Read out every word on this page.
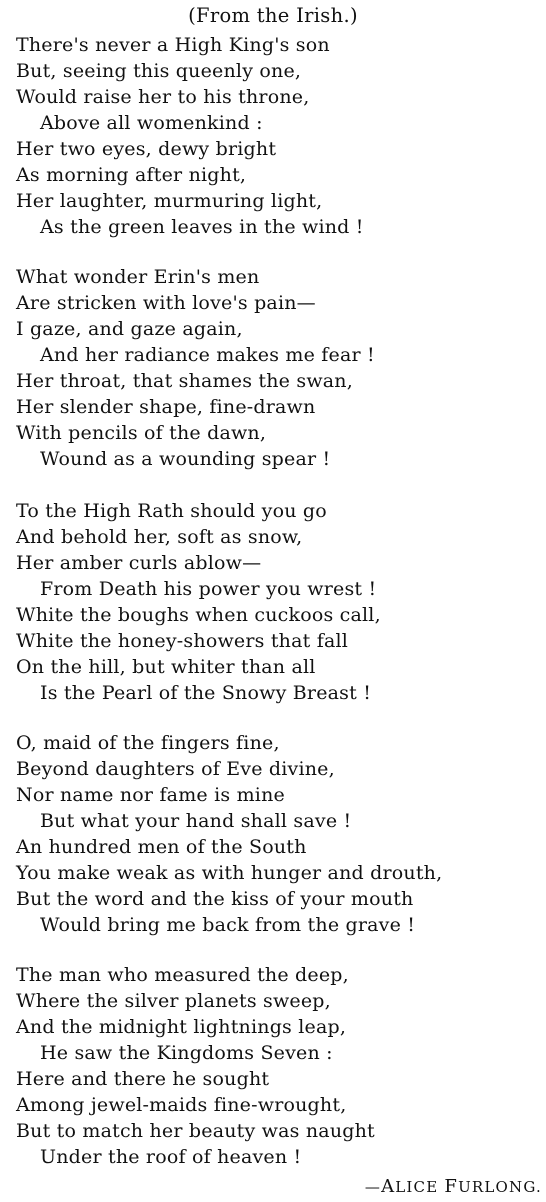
(From the Irish.)
There's never a High King's son
But, seeing this queenly one,
Would raise her to his throne,
Above all womenkind :
Her two eyes, dewy bright
As morning after night,
Her laughter, murmuring light,
As the green leaves in the wind !
What wonder Erin's men
Are stricken with love's pain—
I gaze, and gaze again,
And her radiance makes me fear !
Her throat, that shames the swan,
Her slender shape, fine-drawn
With pencils of the dawn,
Wound as a wounding spear !
To the High Rath should you go
And behold her, soft as snow,
Her amber curls ablow—
From Death his power you wrest !
White the boughs when cuckoos call,
White the honey-showers that fall
On the hill, but whiter than all
Is the Pearl of the Snowy Breast !
O, maid of the fingers fine,
Beyond daughters of Eve divine,
Nor name nor fame is mine
But what your hand shall save !
An hundred men of the South
You make weak as with hunger and drouth,
But the word and the kiss of your mouth
Would bring me back from the grave !
The man who measured the deep,
Where the silver planets sweep,
And the midnight lightnings leap,
He saw the Kingdoms Seven :
Here and there he sought
Among jewel-maids fine-wrought,
But to match her beauty was naught
Under the roof of heaven !
—ALICE FURLONG.
